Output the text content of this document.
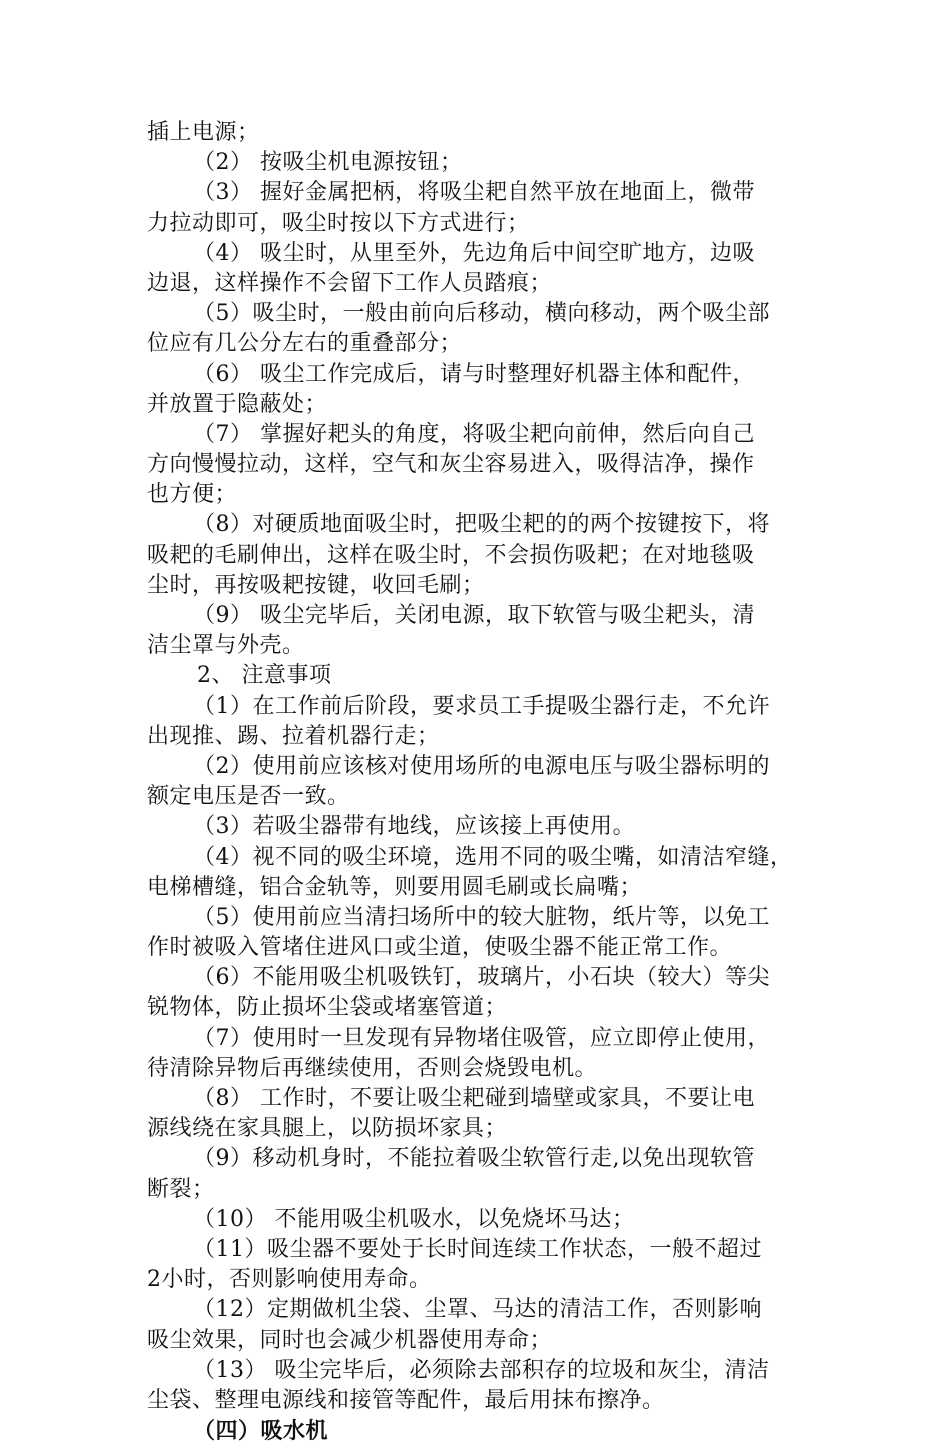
插上电源；
（2） 按吸尘机电源按钮；
（3） 握好金属把柄，将吸尘耙自然平放在地面上，微带
力拉动即可，吸尘时按以下方式进行；
（4） 吸尘时，从里至外，先边角后中间空旷地方，边吸
边退，这样操作不会留下工作人员踏痕；
（5）吸尘时，一般由前向后移动，横向移动，两个吸尘部
位应有几公分左右的重叠部分；
（6） 吸尘工作完成后，请与时整理好机器主体和配件，
并放置于隐蔽处；
（7） 掌握好耙头的角度，将吸尘耙向前伸，然后向自己
方向慢慢拉动，这样，空气和灰尘容易进入，吸得洁净，操作
也方便；
（8）对硬质地面吸尘时，把吸尘耙的的两个按键按下，将
吸耙的毛刷伸出，这样在吸尘时，不会损伤吸耙；在对地毯吸
尘时，再按吸耙按键，收回毛刷；
（9） 吸尘完毕后，关闭电源，取下软管与吸尘耙头，清
洁尘罩与外壳。
2、 注意事项
（1）在工作前后阶段，要求员工手提吸尘器行走，不允许
出现推、踢、拉着机器行走；
（2）使用前应该核对使用场所的电源电压与吸尘器标明的
额定电压是否一致。
（3）若吸尘器带有地线，应该接上再使用。
（4）视不同的吸尘环境，选用不同的吸尘嘴，如清洁窄缝，
电梯槽缝，铝合金轨等，则要用圆毛刷或长扁嘴；
（5）使用前应当清扫场所中的较大脏物，纸片等，以免工
作时被吸入管堵住进风口或尘道，使吸尘器不能正常工作。
（6）不能用吸尘机吸铁钉，玻璃片，小石块（较大）等尖
锐物体，防止损坏尘袋或堵塞管道；
（7）使用时一旦发现有异物堵住吸管，应立即停止使用，
待清除异物后再继续使用，否则会烧毁电机。
（8） 工作时，不要让吸尘耙碰到墙壁或家具，不要让电
源线绕在家具腿上，以防损坏家具；
（9）移动机身时，不能拉着吸尘软管行走,以免出现软管
断裂；
（10） 不能用吸尘机吸水，以免烧坏马达；
（11）吸尘器不要处于长时间连续工作状态，一般不超过
2小时，否则影响使用寿命。
（12）定期做机尘袋、尘罩、马达的清洁工作，否则影响
吸尘效果，同时也会减少机器使用寿命；
（13） 吸尘完毕后，必须除去部积存的垃圾和灰尘，清洁
尘袋、整理电源线和接管等配件，最后用抹布擦净。
（四）吸水机
